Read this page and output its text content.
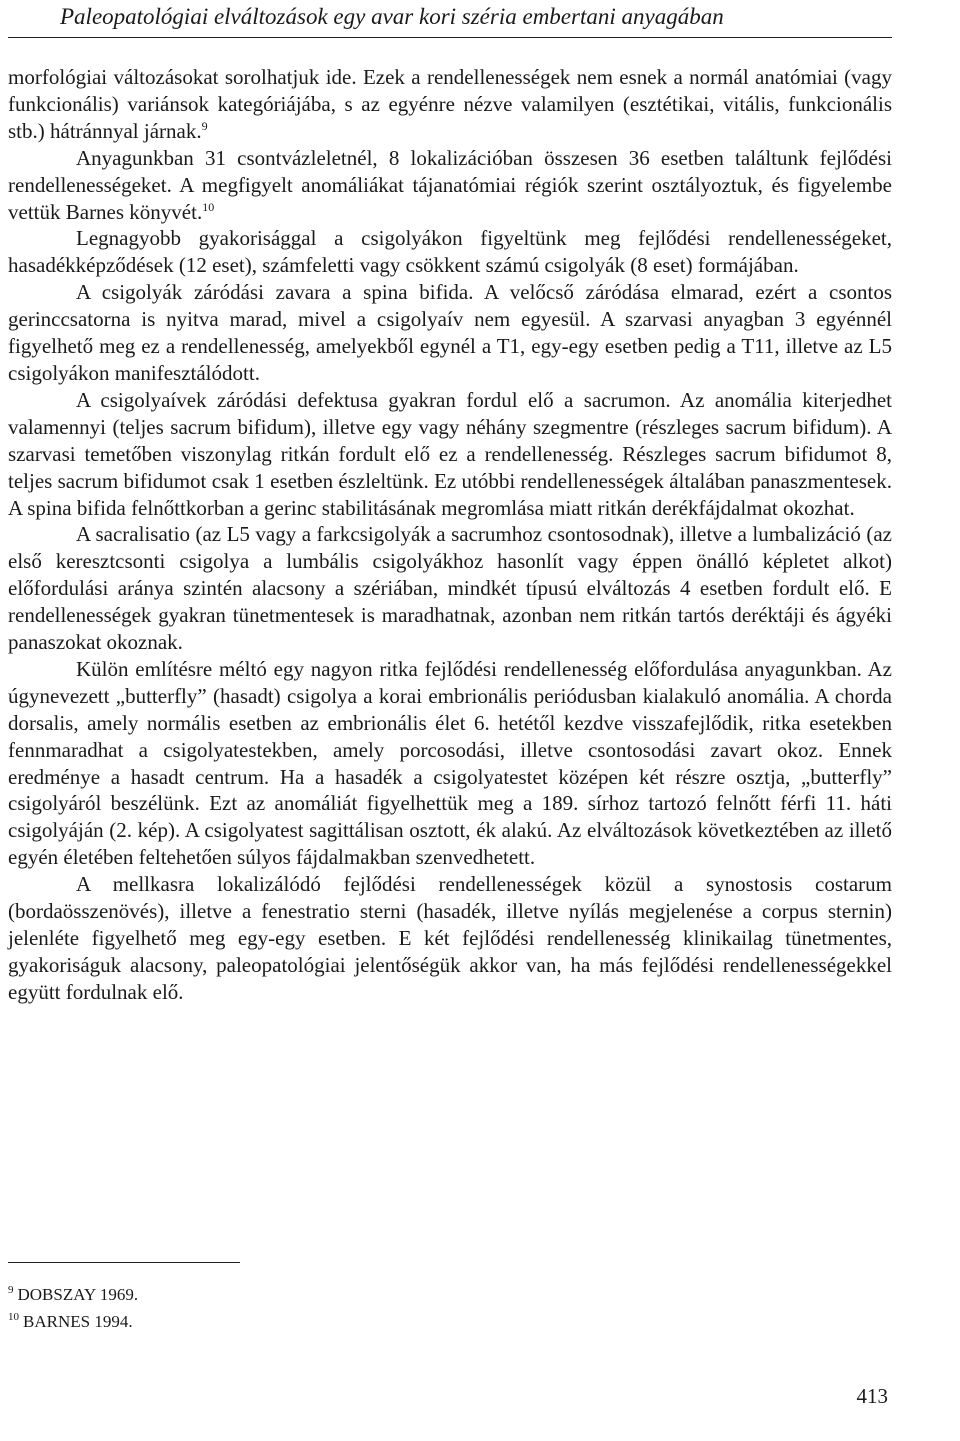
Paleopatológiai elváltozások egy avar kori széria embertani anyagában

morfológiai változásokat sorolhatjuk ide. Ezek a rendellenességek nem esnek a normál anatómiai (vagy funkcionális) variánsok kategóriájába, s az egyénre nézve valamilyen (esztétikai, vitális, funkcionális stb.) hátránnyal járnak.$^9$

Anyagunkban 31 csontvázleletnél, 8 lokalizációban összesen 36 esetben találtunk fejlődési rendellenességeket. A megfigyelt anomáliákat tájanatómiai régiók szerint osztályoztuk, és figyelembe vettük Barnes könyvét.$^{10}$

Legnagyobb gyakorisággal a csigolyákon figyeltünk meg fejlődési rendellenességeket, hasadékképződések (12 eset), számfeletti vagy csökkent számú csigolyák (8 eset) formájában.

A csigolyák záródási zavara a spina bifida. A velőcső záródása elmarad, ezért a csontos gerinccsatorna is nyitva marad, mivel a csigolyaív nem egyesül. A szarvasi anyagban 3 egyénnél figyelhető meg ez a rendellenesség, amelyekből egynél a T1, egy-egy esetben pedig a T11, illetve az L5 csigolyákon manifesztálódott.

A csigolyaívek záródási defektusa gyakran fordul elő a sacrumon. Az anomália kiterjedhet valamennyi (teljes sacrum bifidum), illetve egy vagy néhány szegmentre (részleges sacrum bifidum). A szarvasi temetőben viszonylag ritkán fordult elő ez a rendellenesség. Részleges sacrum bifidumot 8, teljes sacrum bifidumot csak 1 esetben észleltünk. Ez utóbbi rendellenességek általában panaszmentesek. A spina bifida felnőttkorban a gerinc stabilitásának megromlása miatt ritkán derékfájdalmat okozhat.

A sacralisatio (az L5 vagy a farkcsigolyák a sacrumhoz csontosodnak), illetve a lumbalizáció (az első keresztcsonti csigolya a lumbális csigolyákhoz hasonlít vagy éppen önálló képletet alkot) előfordulási aránya szintén alacsony a szériában, mindkét típusú elváltozás 4 esetben fordult elő. E rendellenességek gyakran tünetmentesek is maradhatnak, azonban nem ritkán tartós deréktáji és ágyéki panaszokat okoznak.

Külön említésre méltó egy nagyon ritka fejlődési rendellenesség előfordulása anyagunkban. Az úgynevezett „butterfly” (hasadt) csigolya a korai embrionális periódusban kialakuló anomália. A chorda dorsalis, amely normális esetben az embrionális élet 6. hetétől kezdve visszafejlődik, ritka esetekben fennmaradhat a csigolyatestekben, amely porcosodási, illetve csontosodási zavart okoz. Ennek eredménye a hasadt centrum. Ha a hasadék a csigolyatestet középen két részre osztja, „butterfly” csigolyáról beszélünk. Ezt az anomáliát figyelhettük meg a 189. sírhoz tartozó felnőtt férfi 11. háti csigolyáján (2. kép). A csigolyatest sagittálisan osztott, ék alakú. Az elváltozások következtében az illető egyén életében feltehetően súlyos fájdalmakban szenvedhetett.

A mellkasra lokalizálódó fejlődési rendellenességek közül a synostosis costarum (bordaösszenövés), illetve a fenestratio sterni (hasadék, illetve nyílás megjelenése a corpus sternin) jelenléte figyelhető meg egy-egy esetben. E két fejlődési rendellenesség klinikailag tünetmentes, gyakoriságuk alacsony, paleopatológiai jelentőségük akkor van, ha más fejlődési rendellenességekkel együtt fordulnak elő.

$^9$ DOBSZAY 1969.
$^{10}$ BARNES 1994.
413
